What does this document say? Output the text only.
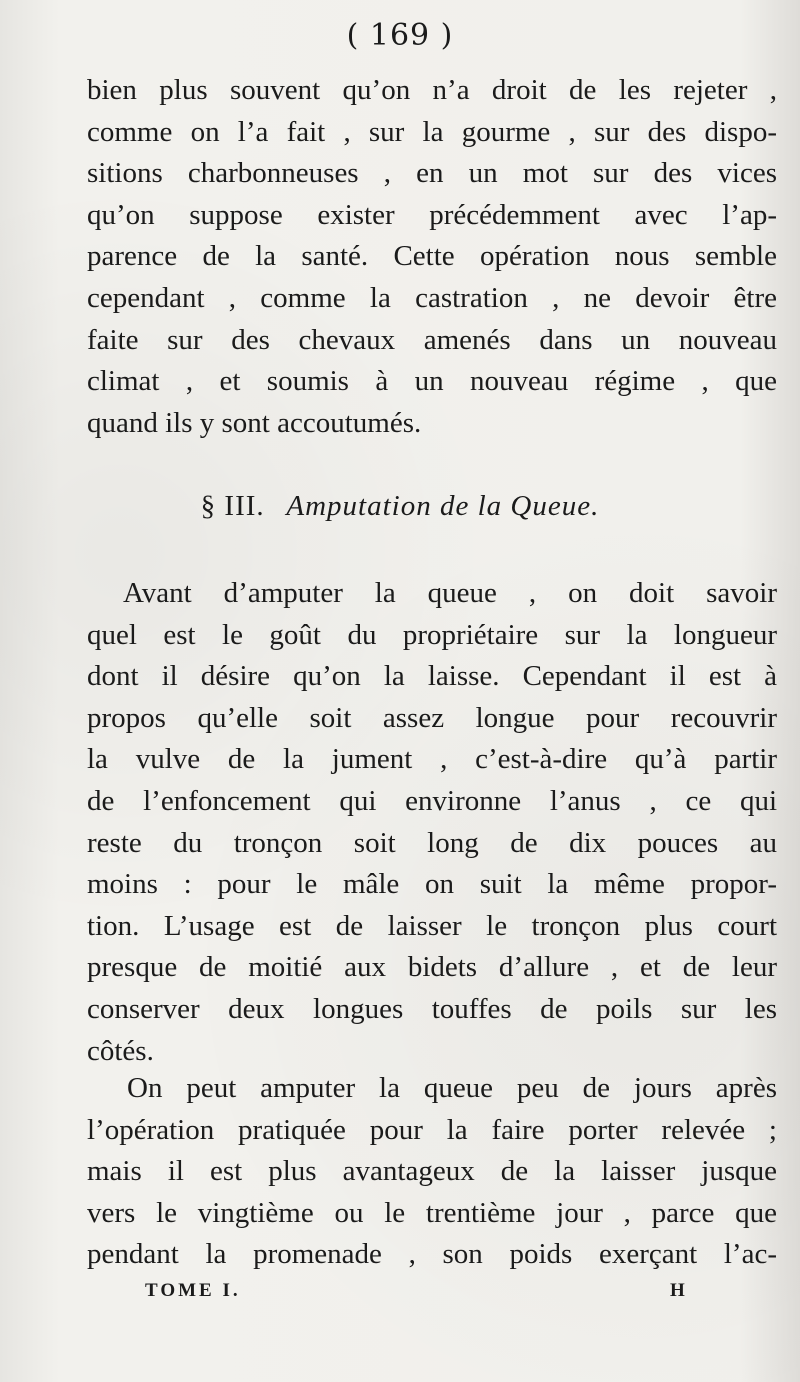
( 169 )
bien plus souvent qu’on n’a droit de les rejeter ,
comme on l’a fait , sur la gourme , sur des dispo-
sitions charbonneuses , en un mot sur des vices
qu’on suppose exister précédemment avec l’ap-
parence de la santé. Cette opération nous semble
cependant , comme la castration , ne devoir être
faite sur des chevaux amenés dans un nouveau
climat , et soumis à un nouveau régime , que
quand ils y sont accoutumés.
§ III. Amputation de la Queue.
Avant d’amputer la queue , on doit savoir
quel est le goût du propriétaire sur la longueur
dont il désire qu’on la laisse. Cependant il est à
propos qu’elle soit assez longue pour recouvrir
la vulve de la jument , c’est-à-dire qu’à partir
de l’enfoncement qui environne l’anus , ce qui
reste du tronçon soit long de dix pouces au
moins : pour le mâle on suit la même propor-
tion. L’usage est de laisser le tronçon plus court
presque de moitié aux bidets d’allure , et de leur
conserver deux longues touffes de poils sur les
côtés.
On peut amputer la queue peu de jours après
l’opération pratiquée pour la faire porter relevée ;
mais il est plus avantageux de la laisser jusque
vers le vingtième ou le trentième jour , parce que
pendant la promenade , son poids exerçant l’ac-
TOME I.	H
